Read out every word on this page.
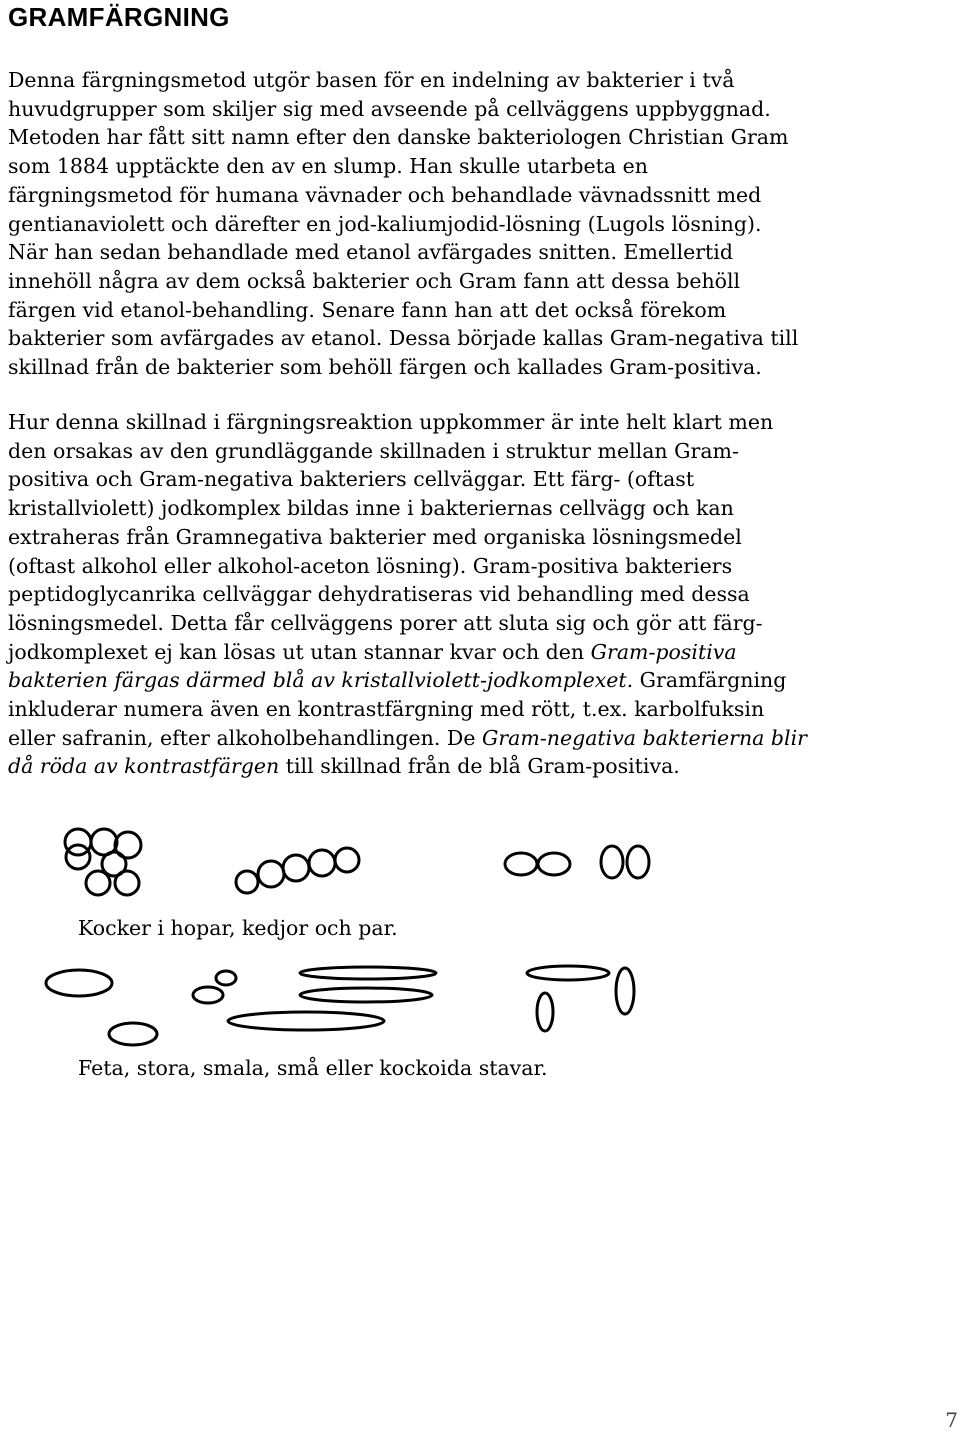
GRAMFÄRGNING
Denna färgningsmetod utgör basen för en indelning av bakterier i två
huvudgrupper som skiljer sig med avseende på cellväggens uppbyggnad.
Metoden har fått sitt namn efter den danske bakteriologen Christian Gram
som 1884 upptäckte den av en slump. Han skulle utarbeta en
färgningsmetod för humana vävnader och behandlade vävnadssnitt med
gentianaviolett och därefter en jod-kaliumjodid-lösning (Lugols lösning).
När han sedan behandlade med etanol avfärgades snitten. Emellertid
innehöll några av dem också bakterier och Gram fann att dessa behöll
färgen vid etanol-behandling. Senare fann han att det också förekom
bakterier som avfärgades av etanol. Dessa började kallas Gram-negativa till
skillnad från de bakterier som behöll färgen och kallades Gram-positiva.
Hur denna skillnad i färgningsreaktion uppkommer är inte helt klart men
den orsakas av den grundläggande skillnaden i struktur mellan Gram-
positiva och Gram-negativa bakteriers cellväggar. Ett färg- (oftast
kristallviolett) jodkomplex bildas inne i bakteriernas cellvägg och kan
extraheras från Gramnegativa bakterier med organiska lösningsmedel
(oftast alkohol eller alkohol-aceton lösning). Gram-positiva bakteriers
peptidoglycanrika cellväggar dehydratiseras vid behandling med dessa
lösningsmedel. Detta får cellväggens porer att sluta sig och gör att färg-
jodkomplexet ej kan lösas ut utan stannar kvar och den Gram-positiva
bakterien färgas därmed blå av kristallviolett-jodkomplexet. Gramfärgning
inkluderar numera även en kontrastfärgning med rött, t.ex. karbolfuksin
eller safranin, efter alkoholbehandlingen. De Gram-negativa bakterierna blir
då röda av kontrastfärgen till skillnad från de blå Gram-positiva.
Kocker i hopar, kedjor och par.
Feta, stora, smala, små eller kockoida stavar.
7
